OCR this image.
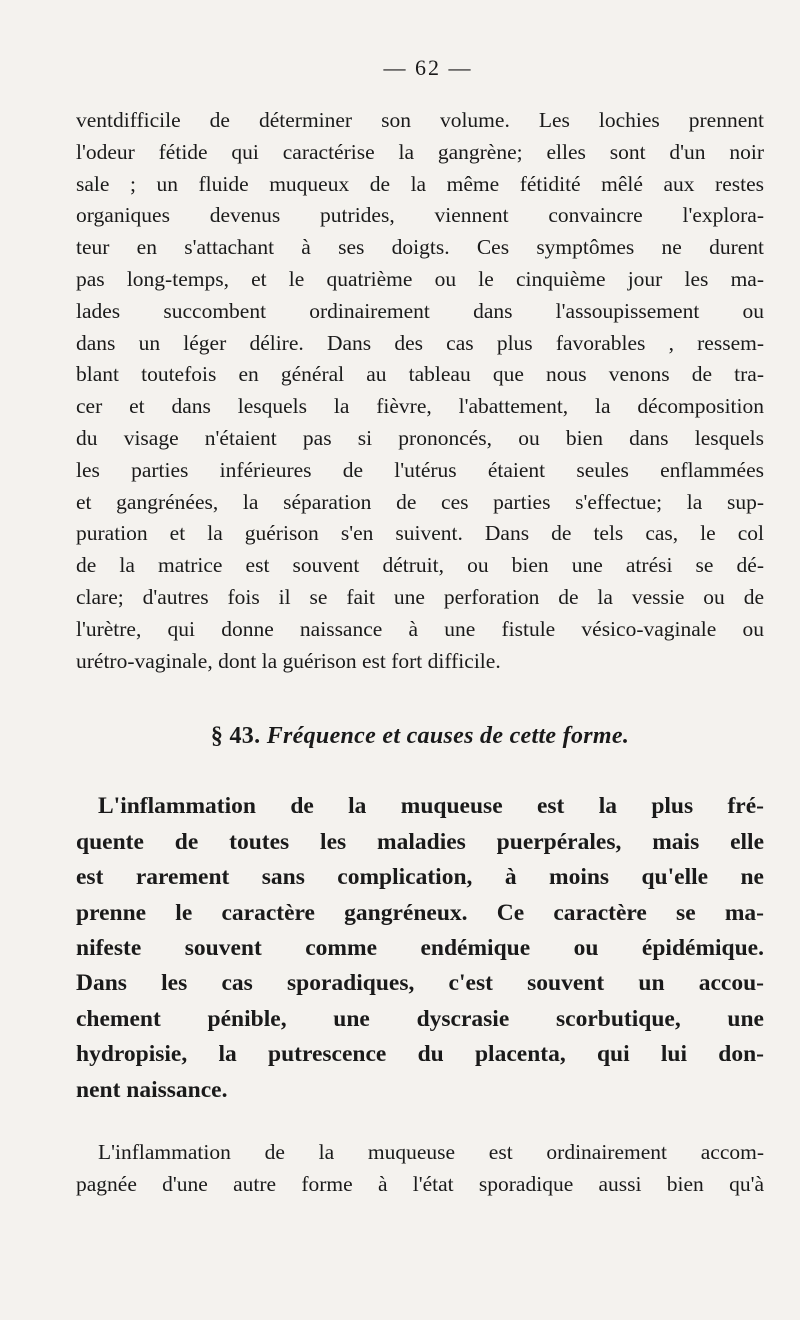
— 62 —

ventdifficile de déterminer son volume. Les lochies prennent
l'odeur fétide qui caractérise la gangrène; elles sont d'un noir
sale ; un fluide muqueux de la même fétidité mêlé aux restes
organiques devenus putrides, viennent convaincre l'explora-
teur en s'attachant à ses doigts. Ces symptômes ne durent
pas long-temps, et le quatrième ou le cinquième jour les ma-
lades succombent ordinairement dans l'assoupissement ou
dans un léger délire. Dans des cas plus favorables , ressem-
blant toutefois en général au tableau que nous venons de tra-
cer et dans lesquels la fièvre, l'abattement, la décomposition
du visage n'étaient pas si prononcés, ou bien dans lesquels
les parties inférieures de l'utérus étaient seules enflammées
et gangrénées, la séparation de ces parties s'effectue; la sup-
puration et la guérison s'en suivent. Dans de tels cas, le col
de la matrice est souvent détruit, ou bien une atrési se dé-
clare; d'autres fois il se fait une perforation de la vessie ou de
l'urètre, qui donne naissance à une fistule vésico-vaginale ou
urétro-vaginale, dont la guérison est fort difficile.

§ 43. Fréquence et causes de cette forme.

L'inflammation de la muqueuse est la plus fré-
quente de toutes les maladies puerpérales, mais elle
est rarement sans complication, à moins qu'elle ne
prenne le caractère gangréneux. Ce caractère se ma-
nifeste souvent comme endémique ou épidémique.
Dans les cas sporadiques, c'est souvent un accou-
chement pénible, une dyscrasie scorbutique, une
hydropisie, la putrescence du placenta, qui lui don-
nent naissance.

L'inflammation de la muqueuse est ordinairement accom-
pagnée d'une autre forme à l'état sporadique aussi bien qu'à
